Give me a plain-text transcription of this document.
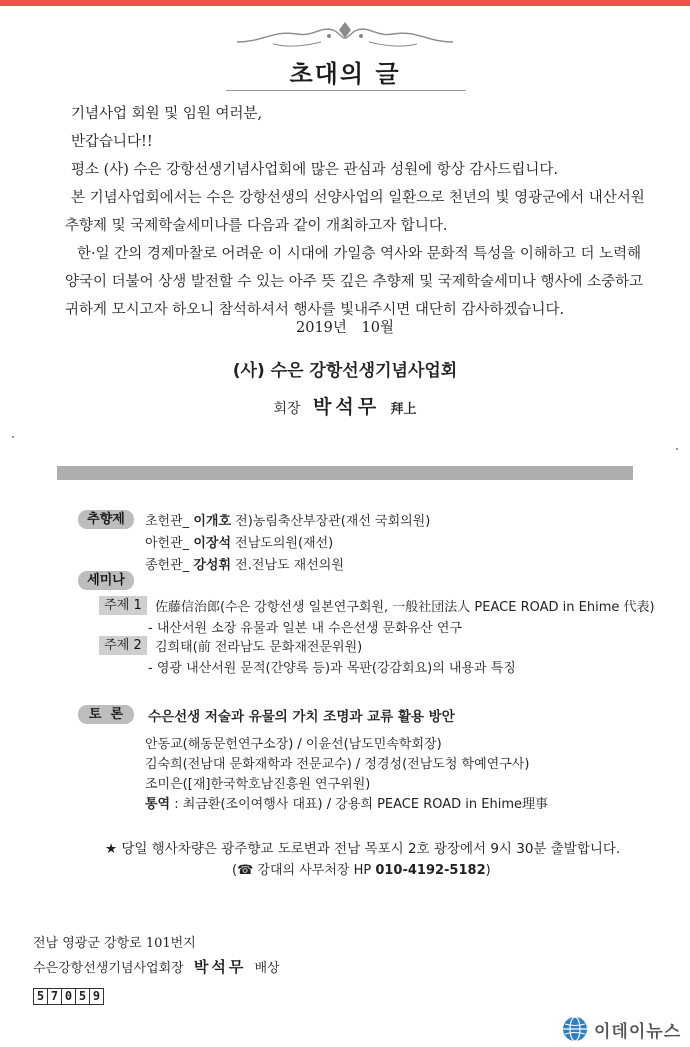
초대의 글

기념사업 회원 및 임원 여러분,

반갑습니다!!

평소 (사) 수은 강항선생기념사업회에 많은 관심과 성원에 항상 감사드립니다.

본 기념사업회에서는 수은 강항선생의 선양사업의 일환으로 천년의 빛 영광군에서 내산서원

추향제 및 국제학술세미나를 다음과 같이 개최하고자 합니다.

한·일 간의 경제마찰로 어려운 이 시대에 가일층 역사와 문화적 특성을 이해하고 더 노력해

양국이 더불어 상생 발전할 수 있는 아주 뜻 깊은 추향제 및 국제학술세미나 행사에 소중하고

귀하게 모시고자 하오니 참석하셔서 행사를 빛내주시면 대단히 감사하겠습니다.

2019년 10월
(사) 수은 강항선생기념사업회
회장 박석무 拜上
추향제	초헌관_ 이개호 전)농림축산부장관(재선 국회의원)
아헌관_ 이장석 전남도의원(재선)
종헌관_ 강성휘 전.전남도 재선의원
세미나
주제 1	佐藤信治郎(수은 강항선생 일본연구회원, 一般社団法人 PEACE ROAD in Ehime 代表)
- 내산서원 소장 유물과 일본 내 수은선생 문화유산 연구
주제 2	김희태(前 전라남도 문화재전문위원)
- 영광 내산서원 문적(간양록 등)과 목판(강감회요)의 내용과 특징
토  론	수은선생 저술과 유물의 가치 조명과 교류 활용 방안
안동교(해동문헌연구소장) / 이윤선(남도민속학회장)
김숙희(전남대 문화재학과 전문교수) / 정경성(전남도청 학예연구사)
조미은([재]한국학호남진흥원 연구위원)
통역 : 최금환(조이여행사 대표) / 강용희 PEACE ROAD in Ehime理事
★ 당일 행사차량은 광주향교 도로변과 전남 목포시 2호 광장에서 9시 30분 출발합니다.
(☎ 강대의 사무처장 HP 010-4192-5182)
전남 영광군 강항로 101번지
수은강항선생기념사업회장 박석무 배상
5 7 0 5 9
이데이뉴스
